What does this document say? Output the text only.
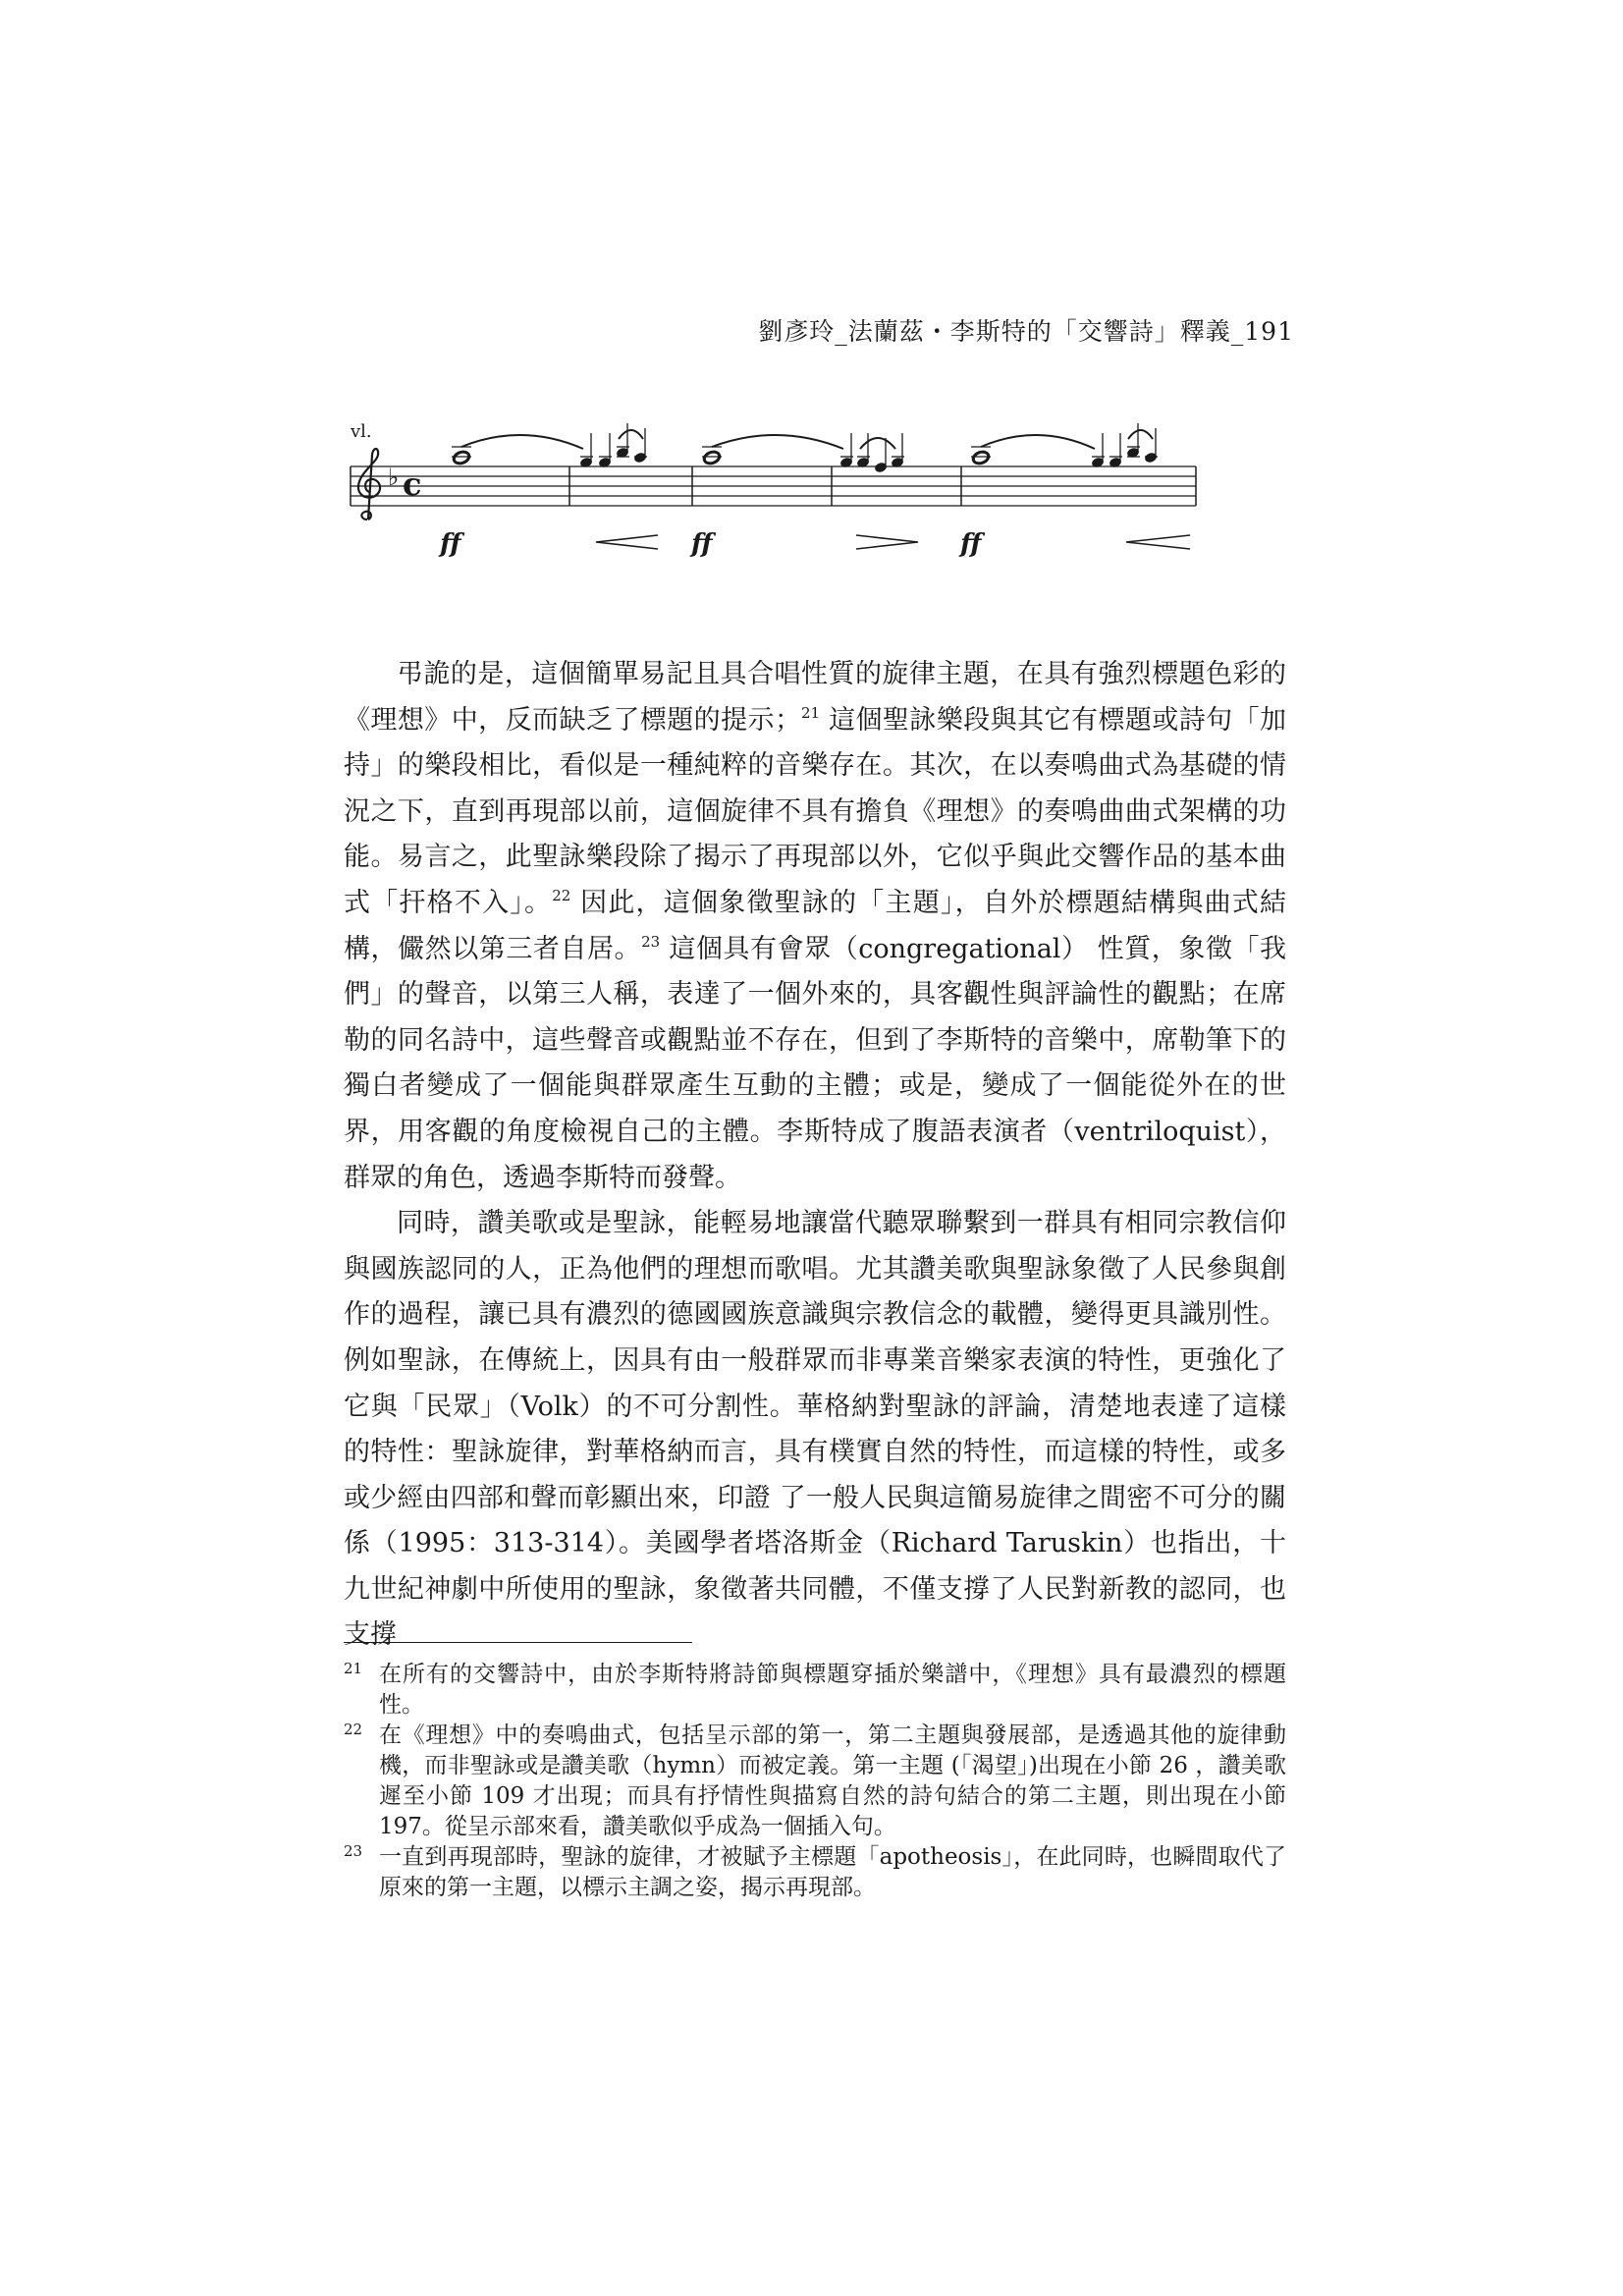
劉彥玲_法蘭茲・李斯特的「交響詩」釋義_191
vl.
♭ c
ff	ff	ff

弔詭的是，這個簡單易記且具合唱性質的旋律主題，在具有強烈標題色彩的《理想》中，反而缺乏了標題的提示；$^{21}$ 這個聖詠樂段與其它有標題或詩句「加持」的樂段相比，看似是一種純粹的音樂存在。其次，在以奏鳴曲式為基礎的情況之下，直到再現部以前，這個旋律不具有擔負《理想》的奏鳴曲曲式架構的功能。易言之，此聖詠樂段除了揭示了再現部以外，它似乎與此交響作品的基本曲式「扞格不入」。$^{22}$ 因此，這個象徵聖詠的「主題」，自外於標題結構與曲式結構，儼然以第三者自居。$^{23}$ 這個具有會眾（congregational） 性質，象徵「我們」的聲音，以第三人稱，表達了一個外來的，具客觀性與評論性的觀點；在席勒的同名詩中，這些聲音或觀點並不存在，但到了李斯特的音樂中，席勒筆下的獨白者變成了一個能與群眾產生互動的主體；或是，變成了一個能從外在的世界，用客觀的角度檢視自己的主體。李斯特成了腹語表演者（ventriloquist），群眾的角色，透過李斯特而發聲。

同時，讚美歌或是聖詠，能輕易地讓當代聽眾聯繫到一群具有相同宗教信仰與國族認同的人，正為他們的理想而歌唱。尤其讚美歌與聖詠象徵了人民參與創作的過程，讓已具有濃烈的德國國族意識與宗教信念的載體，變得更具識別性。例如聖詠，在傳統上，因具有由一般群眾而非專業音樂家表演的特性，更強化了它與「民眾」（Volk）的不可分割性。華格納對聖詠的評論，清楚地表達了這樣的特性：聖詠旋律，對華格納而言，具有樸實自然的特性，而這樣的特性，或多或少經由四部和聲而彰顯出來，印證 了一般人民與這簡易旋律之間密不可分的關係（1995：313-314）。美國學者塔洛斯金（Richard Taruskin）也指出，十九世紀神劇中所使用的聖詠，象徵著共同體，不僅支撐了人民對新教的認同，也支撐

$^{21}$ 在所有的交響詩中，由於李斯特將詩節與標題穿插於樂譜中，《理想》具有最濃烈的標題性。
$^{22}$ 在《理想》中的奏鳴曲式，包括呈示部的第一，第二主題與發展部，是透過其他的旋律動機，而非聖詠或是讚美歌（hymn）而被定義。第一主題 (「渴望」)出現在小節 26 ，讚美歌遲至小節 109 才出現；而具有抒情性與描寫自然的詩句結合的第二主題，則出現在小節 197。從呈示部來看，讚美歌似乎成為一個插入句。
$^{23}$ 一直到再現部時，聖詠的旋律，才被賦予主標題「apotheosis」，在此同時，也瞬間取代了原來的第一主題，以標示主調之姿，揭示再現部。
